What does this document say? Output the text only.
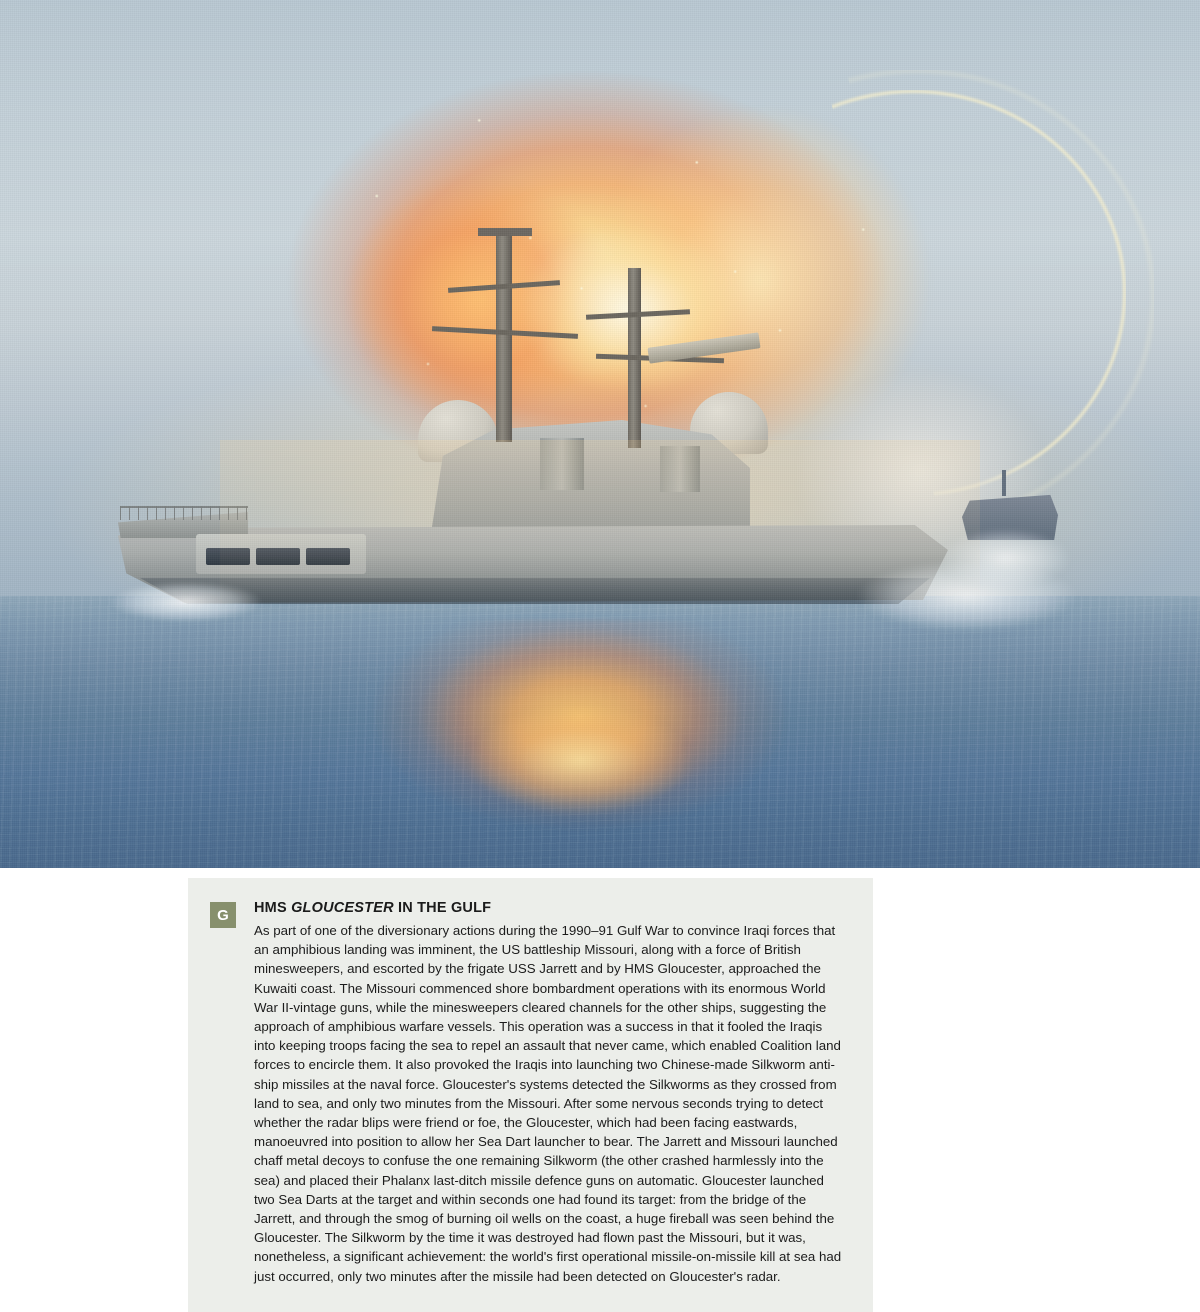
G	HMS GLOUCESTER IN THE GULF

As part of one of the diversionary actions during the 1990–91 Gulf War to convince Iraqi forces that an amphibious landing was imminent, the US battleship Missouri, along with a force of British minesweepers, and escorted by the frigate USS Jarrett and by HMS Gloucester, approached the Kuwaiti coast. The Missouri commenced shore bombardment operations with its enormous World War II-vintage guns, while the minesweepers cleared channels for the other ships, suggesting the approach of amphibious warfare vessels. This operation was a success in that it fooled the Iraqis into keeping troops facing the sea to repel an assault that never came, which enabled Coalition land forces to encircle them. It also provoked the Iraqis into launching two Chinese-made Silkworm anti-ship missiles at the naval force. Gloucester's systems detected the Silkworms as they crossed from land to sea, and only two minutes from the Missouri. After some nervous seconds trying to detect whether the radar blips were friend or foe, the Gloucester, which had been facing eastwards, manoeuvred into position to allow her Sea Dart launcher to bear. The Jarrett and Missouri launched chaff metal decoys to confuse the one remaining Silkworm (the other crashed harmlessly into the sea) and placed their Phalanx last-ditch missile defence guns on automatic. Gloucester launched two Sea Darts at the target and within seconds one had found its target: from the bridge of the Jarrett, and through the smog of burning oil wells on the coast, a huge fireball was seen behind the Gloucester. The Silkworm by the time it was destroyed had flown past the Missouri, but it was, nonetheless, a significant achievement: the world's first operational missile-on-missile kill at sea had just occurred, only two minutes after the missile had been detected on Gloucester's radar.
